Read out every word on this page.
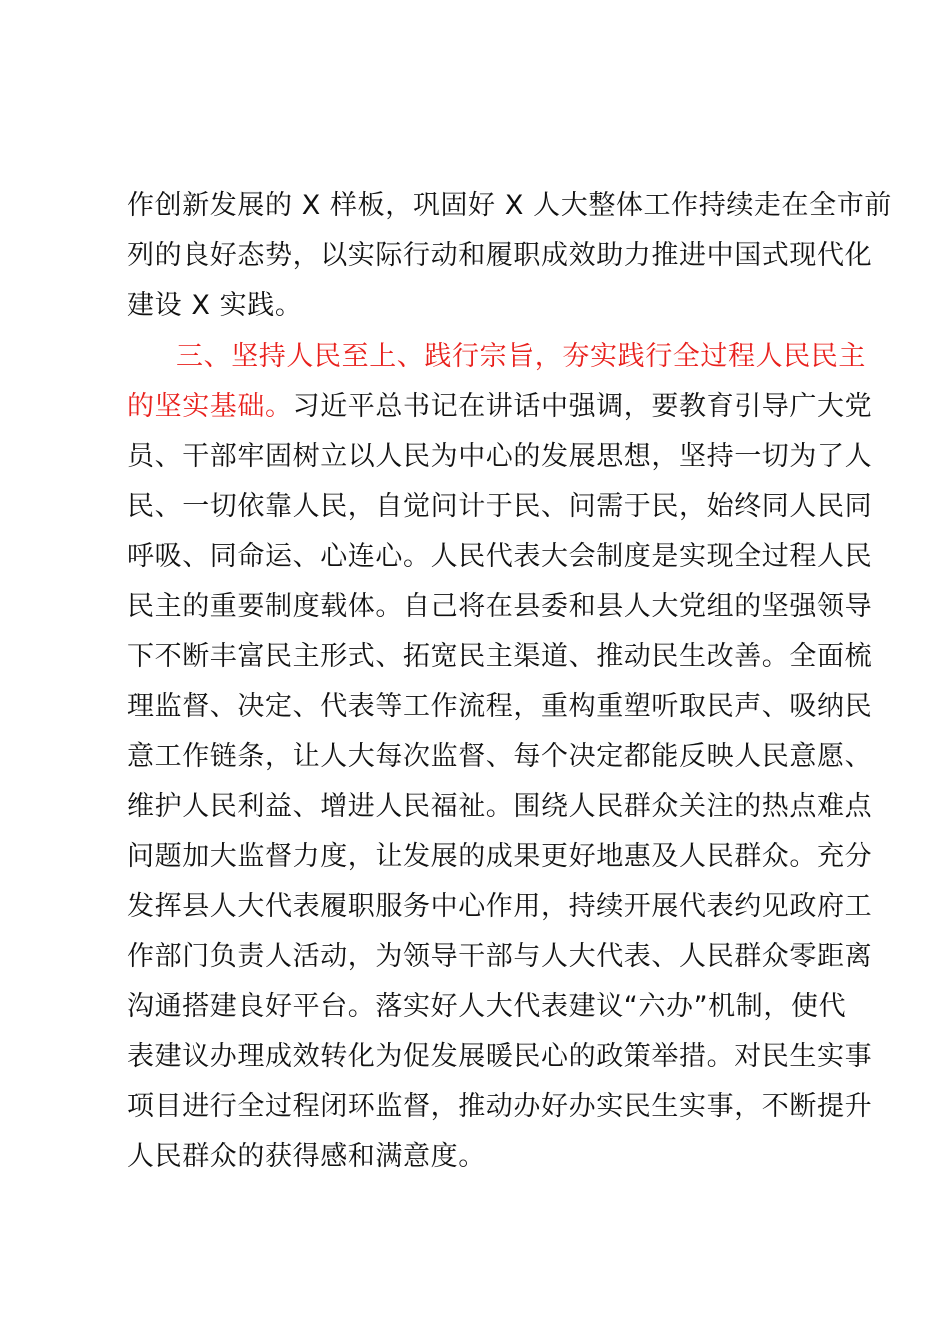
作创新发展的 X 样板，巩固好 X 人大整体工作持续走在全市前
列的良好态势，以实际行动和履职成效助力推进中国式现代化
建设 X 实践。
三、坚持人民至上、践行宗旨，夯实践行全过程人民民主
的坚实基础。习近平总书记在讲话中强调，要教育引导广大党
员、干部牢固树立以人民为中心的发展思想，坚持一切为了人
民、一切依靠人民，自觉问计于民、问需于民，始终同人民同
呼吸、同命运、心连心。人民代表大会制度是实现全过程人民
民主的重要制度载体。自己将在县委和县人大党组的坚强领导
下不断丰富民主形式、拓宽民主渠道、推动民生改善。全面梳
理监督、决定、代表等工作流程，重构重塑听取民声、吸纳民
意工作链条，让人大每次监督、每个决定都能反映人民意愿、
维护人民利益、增进人民福祉。围绕人民群众关注的热点难点
问题加大监督力度，让发展的成果更好地惠及人民群众。充分
发挥县人大代表履职服务中心作用，持续开展代表约见政府工
作部门负责人活动，为领导干部与人大代表、人民群众零距离
沟通搭建良好平台。落实好人大代表建议“六办”机制，使代
表建议办理成效转化为促发展暖民心的政策举措。对民生实事
项目进行全过程闭环监督，推动办好办实民生实事，不断提升
人民群众的获得感和满意度。
